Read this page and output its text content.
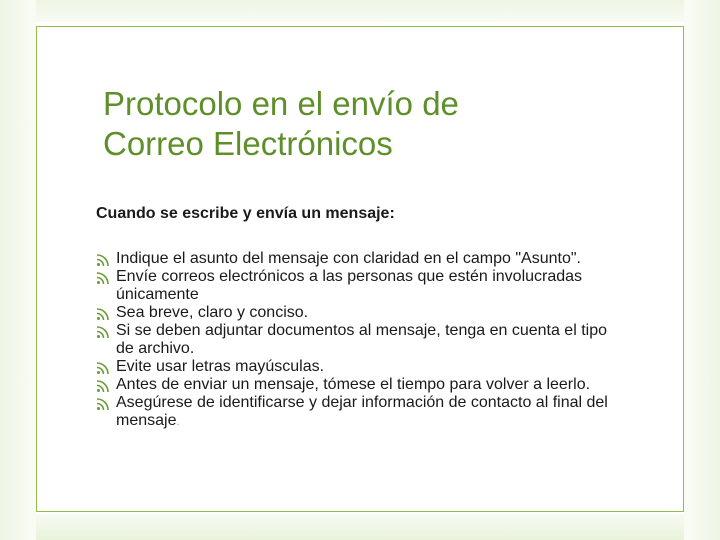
Protocolo en el envío de
Correo Electrónicos

Cuando se escribe y envía un mensaje:

Indique el asunto del mensaje con claridad en el campo "Asunto".
Envíe correos electrónicos a las personas que estén involucradas únicamente
Sea breve, claro y conciso.
Si se deben adjuntar documentos al mensaje, tenga en cuenta el tipo de archivo.
Evite usar letras mayúsculas.
Antes de enviar un mensaje, tómese el tiempo para volver a leerlo.
Asegúrese de identificarse y dejar información de contacto al final del mensaje.
